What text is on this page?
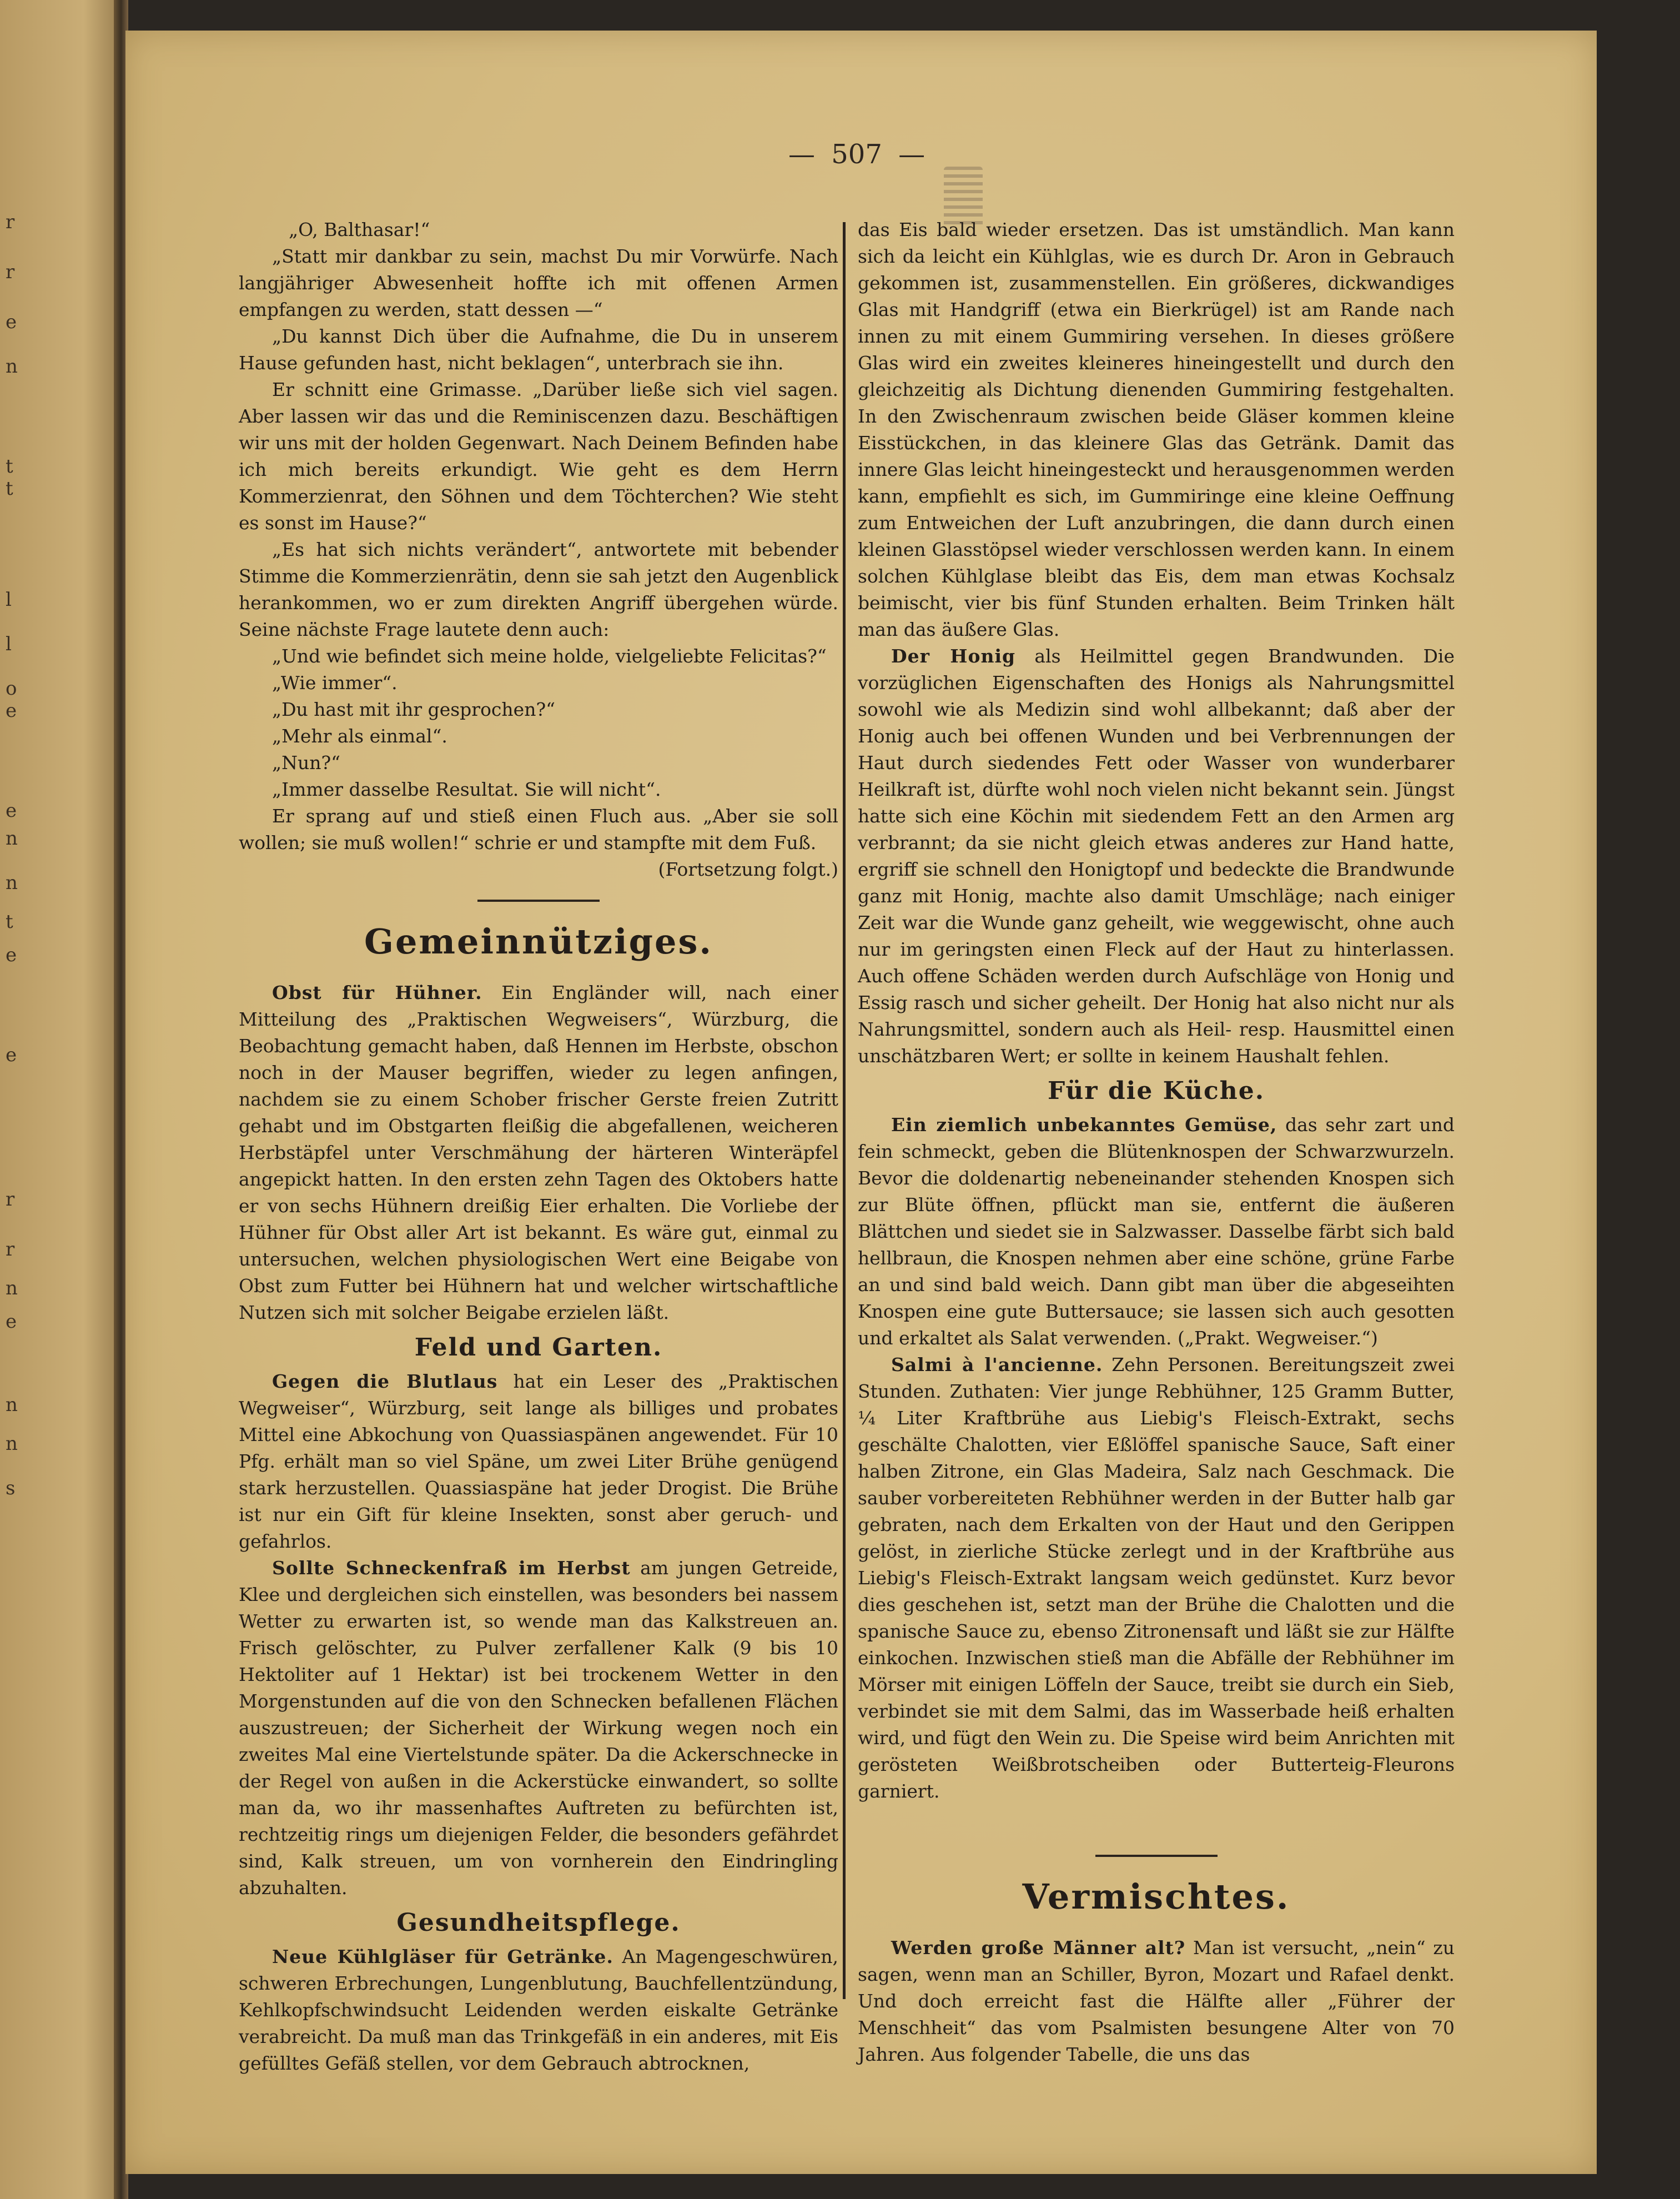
r
r
e
n
t
t
l
l
o
e
e
n
n
t
e
e
r
r
n
e
n
n
s
— 507 —

„O, Balthasar!“

„Statt mir dankbar zu sein, machst Du mir Vorwürfe. Nach langjähriger Abwesenheit hoffte ich mit offenen Armen empfangen zu werden, statt dessen —“

„Du kannst Dich über die Aufnahme, die Du in unserem Hause gefunden hast, nicht beklagen“, unterbrach sie ihn.

Er schnitt eine Grimasse. „Darüber ließe sich viel sagen. Aber lassen wir das und die Reminiscenzen dazu. Beschäftigen wir uns mit der holden Gegenwart. Nach Deinem Befinden habe ich mich bereits erkundigt. Wie geht es dem Herrn Kommerzienrat, den Söhnen und dem Töchterchen? Wie steht es sonst im Hause?“

„Es hat sich nichts verändert“, antwortete mit bebender Stimme die Kommerzienrätin, denn sie sah jetzt den Augenblick herankommen, wo er zum direkten Angriff übergehen würde. Seine nächste Frage lautete denn auch:

„Und wie befindet sich meine holde, vielgeliebte Felicitas?“

„Wie immer“.

„Du hast mit ihr gesprochen?“

„Mehr als einmal“.

„Nun?“

„Immer dasselbe Resultat. Sie will nicht“.

Er sprang auf und stieß einen Fluch aus. „Aber sie soll wollen; sie muß wollen!“ schrie er und stampfte mit dem Fuß.

(Fortsetzung folgt.)

Gemeinnütziges.

Obst für Hühner. Ein Engländer will, nach einer Mitteilung des „Praktischen Wegweisers“, Würzburg, die Beobachtung gemacht haben, daß Hennen im Herbste, obschon noch in der Mauser begriffen, wieder zu legen anfingen, nachdem sie zu einem Schober frischer Gerste freien Zutritt gehabt und im Obstgarten fleißig die abgefallenen, weicheren Herbstäpfel unter Verschmähung der härteren Winteräpfel angepickt hatten. In den ersten zehn Tagen des Oktobers hatte er von sechs Hühnern dreißig Eier erhalten. Die Vorliebe der Hühner für Obst aller Art ist bekannt. Es wäre gut, einmal zu untersuchen, welchen physiologischen Wert eine Beigabe von Obst zum Futter bei Hühnern hat und welcher wirtschaftliche Nutzen sich mit solcher Beigabe erzielen läßt.

Feld und Garten.

Gegen die Blutlaus hat ein Leser des „Praktischen Wegweiser“, Würzburg, seit lange als billiges und probates Mittel eine Abkochung von Quassiaspänen angewendet. Für 10 Pfg. erhält man so viel Späne, um zwei Liter Brühe genügend stark herzustellen. Quassiaspäne hat jeder Drogist. Die Brühe ist nur ein Gift für kleine Insekten, sonst aber geruch- und gefahrlos.

Sollte Schneckenfraß im Herbst am jungen Getreide, Klee und dergleichen sich einstellen, was besonders bei nassem Wetter zu erwarten ist, so wende man das Kalkstreuen an. Frisch gelöschter, zu Pulver zerfallener Kalk (9 bis 10 Hektoliter auf 1 Hektar) ist bei trockenem Wetter in den Morgenstunden auf die von den Schnecken befallenen Flächen auszustreuen; der Sicherheit der Wirkung wegen noch ein zweites Mal eine Viertelstunde später. Da die Ackerschnecke in der Regel von außen in die Ackerstücke einwandert, so sollte man da, wo ihr massenhaftes Auftreten zu befürchten ist, rechtzeitig rings um diejenigen Felder, die besonders gefährdet sind, Kalk streuen, um von vornherein den Eindringling abzuhalten.

Gesundheitspflege.

Neue Kühlgläser für Getränke. An Magengeschwüren, schweren Erbrechungen, Lungenblutung, Bauchfellentzündung, Kehlkopfschwindsucht Leidenden werden eiskalte Getränke verabreicht. Da muß man das Trinkgefäß in ein anderes, mit Eis gefülltes Gefäß stellen, vor dem Gebrauch abtrocknen,

das Eis bald wieder ersetzen. Das ist umständlich. Man kann sich da leicht ein Kühlglas, wie es durch Dr. Aron in Gebrauch gekommen ist, zusammenstellen. Ein größeres, dickwandiges Glas mit Handgriff (etwa ein Bierkrügel) ist am Rande nach innen zu mit einem Gummiring versehen. In dieses größere Glas wird ein zweites kleineres hineingestellt und durch den gleichzeitig als Dichtung dienenden Gummiring festgehalten. In den Zwischenraum zwischen beide Gläser kommen kleine Eisstückchen, in das kleinere Glas das Getränk. Damit das innere Glas leicht hineingesteckt und herausgenommen werden kann, empfiehlt es sich, im Gummiringe eine kleine Oeffnung zum Entweichen der Luft anzubringen, die dann durch einen kleinen Glasstöpsel wieder verschlossen werden kann. In einem solchen Kühlglase bleibt das Eis, dem man etwas Kochsalz beimischt, vier bis fünf Stunden erhalten. Beim Trinken hält man das äußere Glas.

Der Honig als Heilmittel gegen Brandwunden. Die vorzüglichen Eigenschaften des Honigs als Nahrungsmittel sowohl wie als Medizin sind wohl allbekannt; daß aber der Honig auch bei offenen Wunden und bei Verbrennungen der Haut durch siedendes Fett oder Wasser von wunderbarer Heilkraft ist, dürfte wohl noch vielen nicht bekannt sein. Jüngst hatte sich eine Köchin mit siedendem Fett an den Armen arg verbrannt; da sie nicht gleich etwas anderes zur Hand hatte, ergriff sie schnell den Honigtopf und bedeckte die Brandwunde ganz mit Honig, machte also damit Umschläge; nach einiger Zeit war die Wunde ganz geheilt, wie weggewischt, ohne auch nur im geringsten einen Fleck auf der Haut zu hinterlassen. Auch offene Schäden werden durch Aufschläge von Honig und Essig rasch und sicher geheilt. Der Honig hat also nicht nur als Nahrungsmittel, sondern auch als Heil- resp. Hausmittel einen unschätzbaren Wert; er sollte in keinem Haushalt fehlen.

Für die Küche.

Ein ziemlich unbekanntes Gemüse, das sehr zart und fein schmeckt, geben die Blütenknospen der Schwarzwurzeln. Bevor die doldenartig nebeneinander stehenden Knospen sich zur Blüte öffnen, pflückt man sie, entfernt die äußeren Blättchen und siedet sie in Salzwasser. Dasselbe färbt sich bald hellbraun, die Knospen nehmen aber eine schöne, grüne Farbe an und sind bald weich. Dann gibt man über die abgeseihten Knospen eine gute Buttersauce; sie lassen sich auch gesotten und erkaltet als Salat verwenden. („Prakt. Wegweiser.“)

Salmi à l'ancienne. Zehn Personen. Bereitungszeit zwei Stunden. Zuthaten: Vier junge Rebhühner, 125 Gramm Butter, ¼ Liter Kraftbrühe aus Liebig's Fleisch-Extrakt, sechs geschälte Chalotten, vier Eßlöffel spanische Sauce, Saft einer halben Zitrone, ein Glas Madeira, Salz nach Geschmack. Die sauber vorbereiteten Rebhühner werden in der Butter halb gar gebraten, nach dem Erkalten von der Haut und den Gerippen gelöst, in zierliche Stücke zerlegt und in der Kraftbrühe aus Liebig's Fleisch-Extrakt langsam weich gedünstet. Kurz bevor dies geschehen ist, setzt man der Brühe die Chalotten und die spanische Sauce zu, ebenso Zitronensaft und läßt sie zur Hälfte einkochen. Inzwischen stieß man die Abfälle der Rebhühner im Mörser mit einigen Löffeln der Sauce, treibt sie durch ein Sieb, verbindet sie mit dem Salmi, das im Wasserbade heiß erhalten wird, und fügt den Wein zu. Die Speise wird beim Anrichten mit gerösteten Weißbrotscheiben oder Butterteig-Fleurons garniert.

Vermischtes.

Werden große Männer alt? Man ist versucht, „nein“ zu sagen, wenn man an Schiller, Byron, Mozart und Rafael denkt. Und doch erreicht fast die Hälfte aller „Führer der Menschheit“ das vom Psalmisten besungene Alter von 70 Jahren. Aus folgender Tabelle, die uns das
